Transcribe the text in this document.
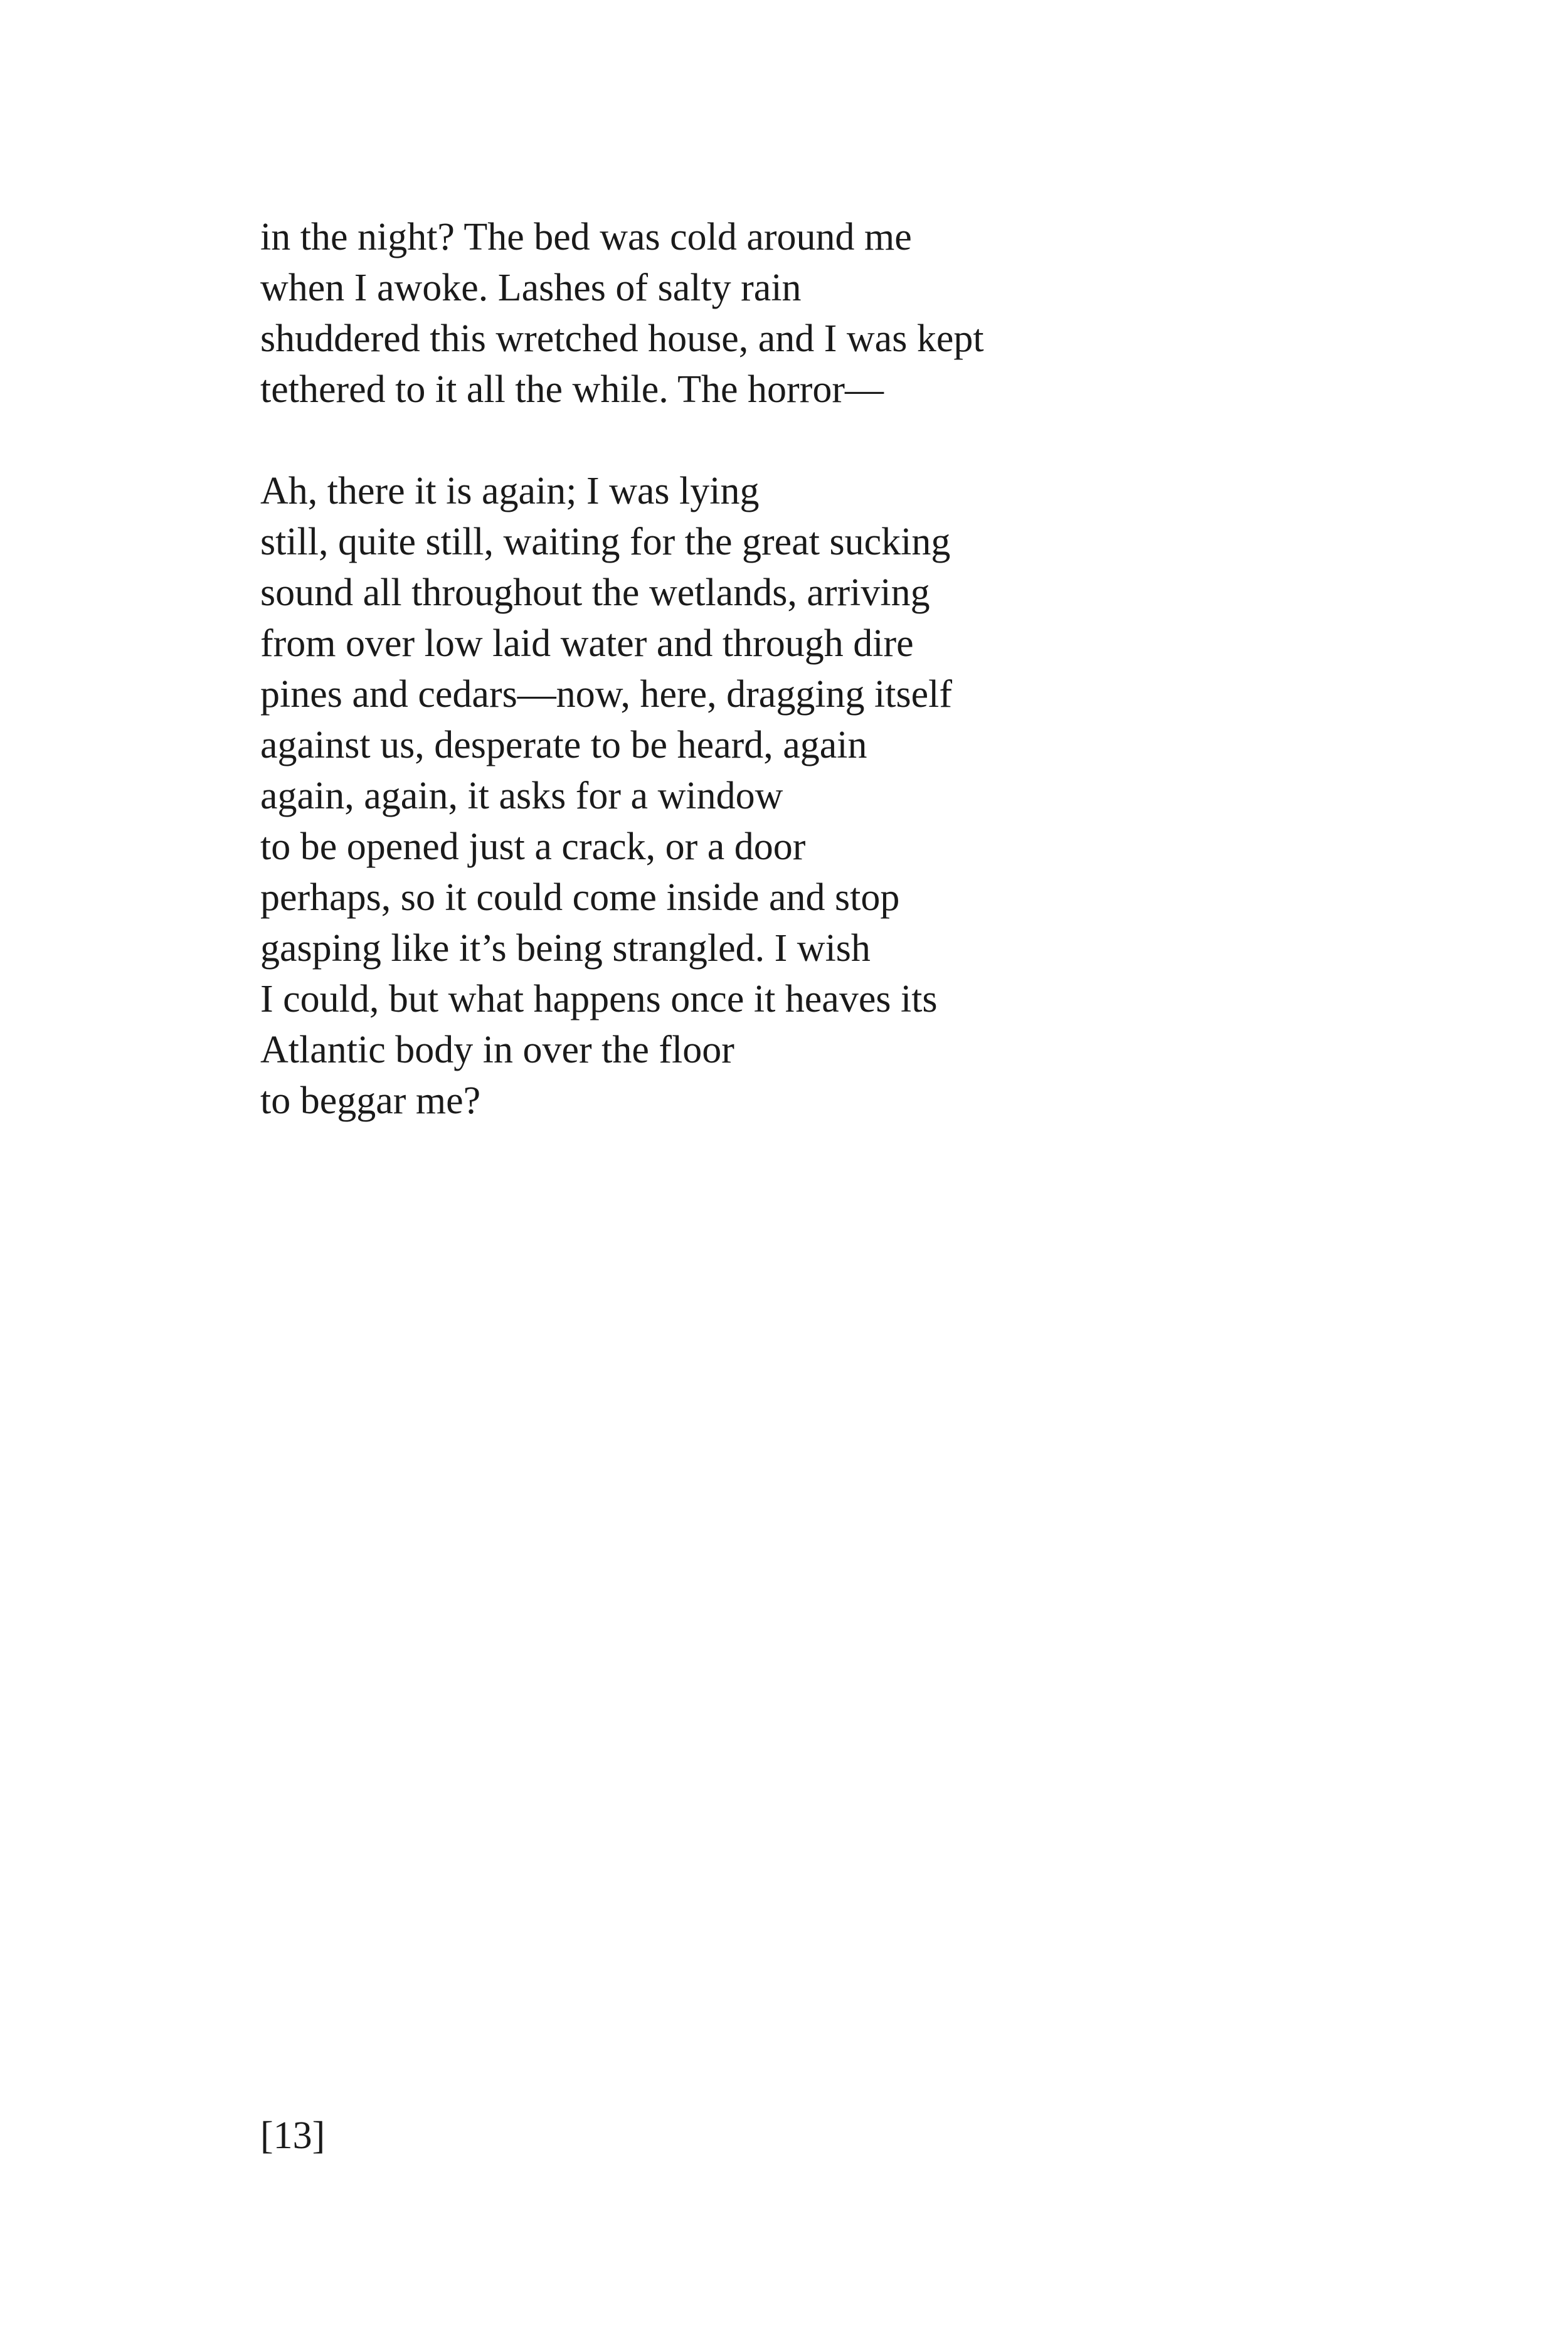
in the night? The bed was cold around me
when I awoke. Lashes of salty rain
shuddered this wretched house, and I was kept
tethered to it all the while. The horror—
Ah, there it is again; I was lying
still, quite still, waiting for the great sucking
sound all throughout the wetlands, arriving
from over low laid water and through dire
pines and cedars—now, here, dragging itself
against us, desperate to be heard, again
again, again, it asks for a window
to be opened just a crack, or a door
perhaps, so it could come inside and stop
gasping like it’s being strangled. I wish
I could, but what happens once it heaves its
Atlantic body in over the floor
to beggar me?
[13]
